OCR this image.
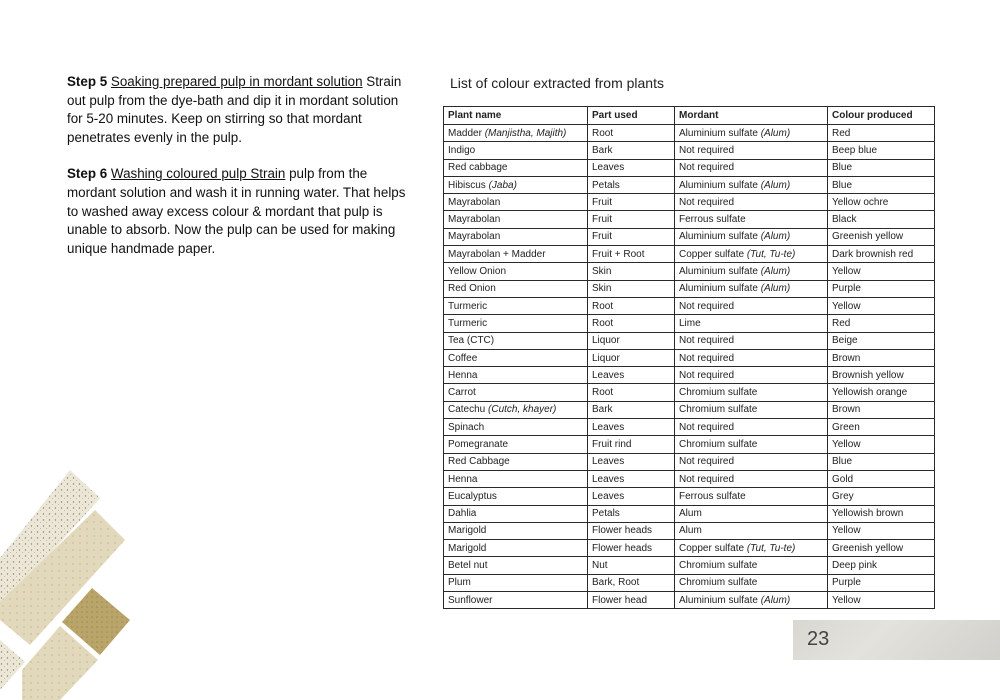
Step 5 Soaking prepared pulp in mordant solution Strain out pulp from the dye-bath and dip it in mordant solution for 5-20 minutes. Keep on stirring so that mordant penetrates evenly in the pulp.

Step 6 Washing coloured pulp Strain pulp from the mordant solution and wash it in running water. That helps to washed away excess colour & mordant that pulp is unable to absorb. Now the pulp can be used for making unique handmade paper.

List of colour extracted from plants
Plant name	Part used	Mordant	Colour produced
Madder (Manjistha, Majith)	Root	Aluminium sulfate (Alum)	Red
Indigo	Bark	Not required	Beep blue
Red cabbage	Leaves	Not required	Blue
Hibiscus (Jaba)	Petals	Aluminium sulfate (Alum)	Blue
Mayrabolan	Fruit	Not required	Yellow ochre
Mayrabolan	Fruit	Ferrous sulfate	Black
Mayrabolan	Fruit	Aluminium sulfate (Alum)	Greenish yellow
Mayrabolan + Madder	Fruit + Root	Copper sulfate (Tut, Tu-te)	Dark brownish red
Yellow Onion	Skin	Aluminium sulfate (Alum)	Yellow
Red Onion	Skin	Aluminium sulfate (Alum)	Purple
Turmeric	Root	Not required	Yellow
Turmeric	Root	Lime	Red
Tea (CTC)	Liquor	Not required	Beige
Coffee	Liquor	Not required	Brown
Henna	Leaves	Not required	Brownish yellow
Carrot	Root	Chromium sulfate	Yellowish orange
Catechu (Cutch, khayer)	Bark	Chromium sulfate	Brown
Spinach	Leaves	Not required	Green
Pomegranate	Fruit rind	Chromium sulfate	Yellow
Red Cabbage	Leaves	Not required	Blue
Henna	Leaves	Not required	Gold
Eucalyptus	Leaves	Ferrous sulfate	Grey
Dahlia	Petals	Alum	Yellowish brown
Marigold	Flower heads	Alum	Yellow
Marigold	Flower heads	Copper sulfate (Tut, Tu-te)	Greenish yellow
Betel nut	Nut	Chromium sulfate	Deep pink
Plum	Bark, Root	Chromium sulfate	Purple
Sunflower	Flower head	Aluminium sulfate (Alum)	Yellow
23
